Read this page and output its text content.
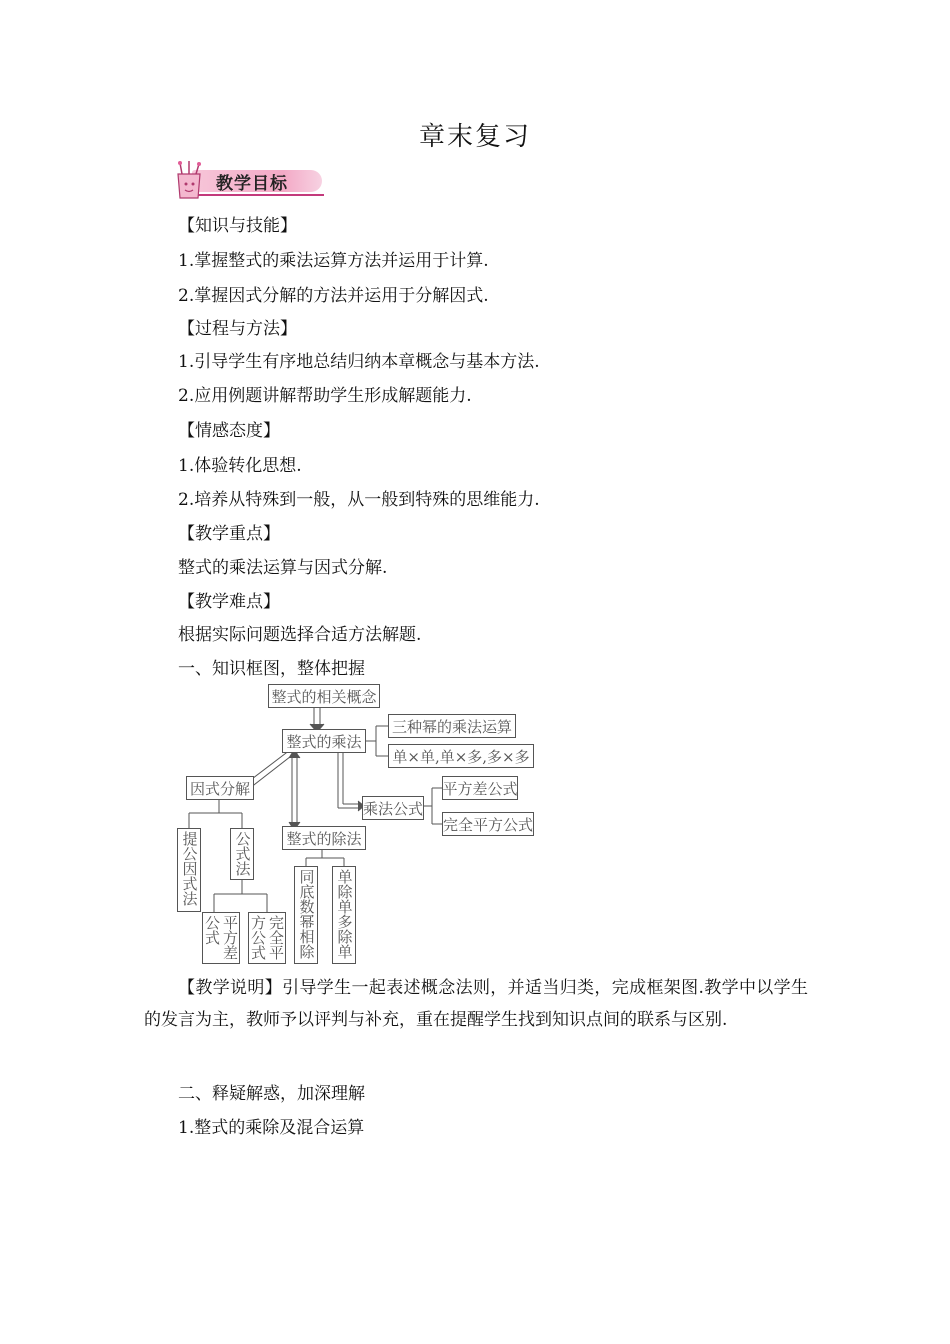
章末复习
教学目标
【知识与技能】
1.掌握整式的乘法运算方法并运用于计算.
2.掌握因式分解的方法并运用于分解因式.
【过程与方法】
1.引导学生有序地总结归纳本章概念与基本方法.
2.应用例题讲解帮助学生形成解题能力.
【情感态度】
1.体验转化思想.
2.培养从特殊到一般，从一般到特殊的思维能力.
【教学重点】
整式的乘法运算与因式分解.
【教学难点】
根据实际问题选择合适方法解题.
一、知识框图，整体把握
整式的相关概念
整式的乘法
三种幂的乘法运算
单×单,单×多,多×多
因式分解
乘法公式
平方差公式
完全平方公式
整式的除法
提公因式法 公式法
平方差公式	完全平方公式	同底数幂相除 单除单多除单
【教学说明】引导学生一起表述概念法则，并适当归类，完成框架图.教学中以学生的发言为主，教师予以评判与补充，重在提醒学生找到知识点间的联系与区别.
二、释疑解惑，加深理解
1.整式的乘除及混合运算
